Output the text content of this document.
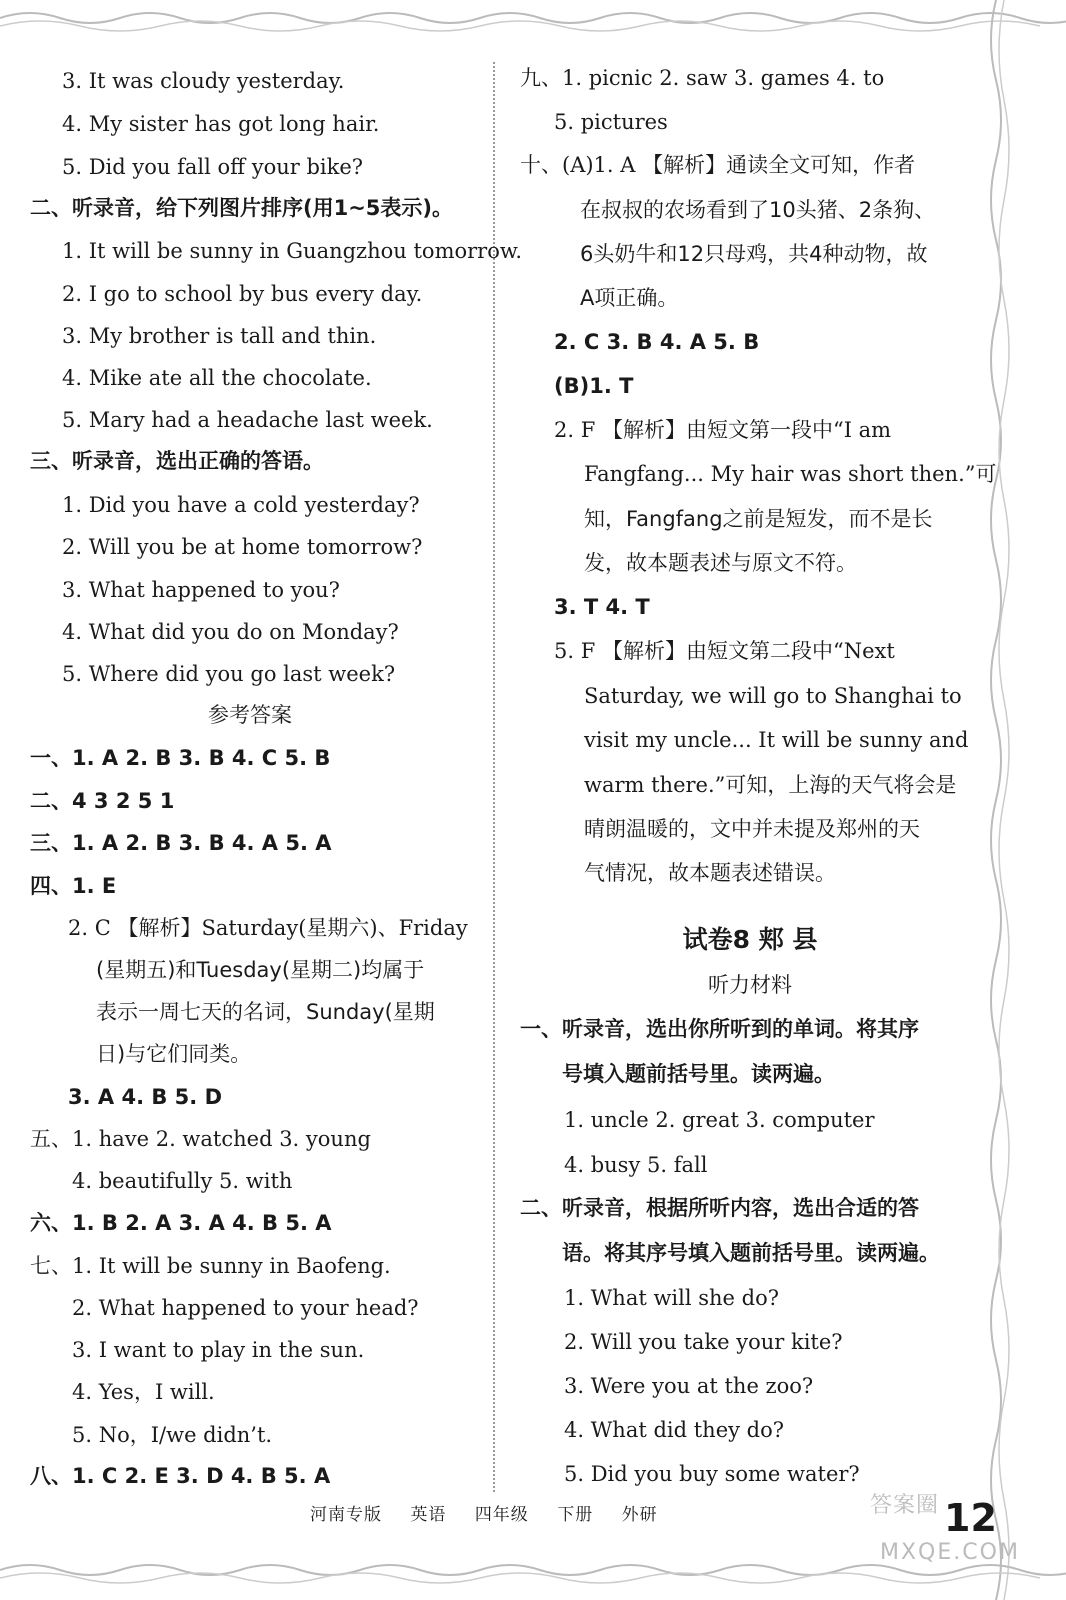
3. It was cloudy yesterday.
4. My sister has got long hair.
5. Did you fall off your bike?
二、听录音，给下列图片排序(用1~5表示)。
1. It will be sunny in Guangzhou tomorrow.
2. I go to school by bus every day.
3. My brother is tall and thin.
4. Mike ate all the chocolate.
5. Mary had a headache last week.
三、听录音，选出正确的答语。
1. Did you have a cold yesterday?
2. Will you be at home tomorrow?
3. What happened to you?
4. What did you do on Monday?
5. Where did you go last week?
参考答案
一、1. A 2. B 3. B 4. C 5. B
二、4 3 2 5 1
三、1. A 2. B 3. B 4. A 5. A
四、1. E
2. C 【解析】Saturday(星期六)、Friday
(星期五)和Tuesday(星期二)均属于
表示一周七天的名词，Sunday(星期
日)与它们同类。
3. A 4. B 5. D
五、1. have 2. watched 3. young
4. beautifully 5. with
六、1. B 2. A 3. A 4. B 5. A
七、1. It will be sunny in Baofeng.
2. What happened to your head?
3. I want to play in the sun.
4. Yes，I will.
5. No，I/we didn’t.
八、1. C 2. E 3. D 4. B 5. A
九、1. picnic 2. saw 3. games 4. to
5. pictures
十、(A)1. A 【解析】通读全文可知，作者
在叔叔的农场看到了10头猪、2条狗、
6头奶牛和12只母鸡，共4种动物，故
A项正确。
2. C 3. B 4. A 5. B
(B)1. T
2. F 【解析】由短文第一段中“I am
Fangfang... My hair was short then.”可
知，Fangfang之前是短发，而不是长
发，故本题表述与原文不符。
3. T 4. T
5. F 【解析】由短文第二段中“Next
Saturday, we will go to Shanghai to
visit my uncle... It will be sunny and
warm there.”可知，上海的天气将会是
晴朗温暖的，文中并未提及郑州的天
气情况，故本题表述错误。
试卷8 郏 县
听力材料
一、听录音，选出你所听到的单词。将其序
号填入题前括号里。读两遍。
1. uncle 2. great 3. computer
4. busy 5. fall
二、听录音，根据所听内容，选出合适的答
语。将其序号填入题前括号里。读两遍。
1. What will she do?
2. Will you take your kite?
3. Were you at the zoo?
4. What did they do?
5. Did you buy some water?
河南专版 英语 四年级 下册 外研	答案圈
MXQE.COM
12
